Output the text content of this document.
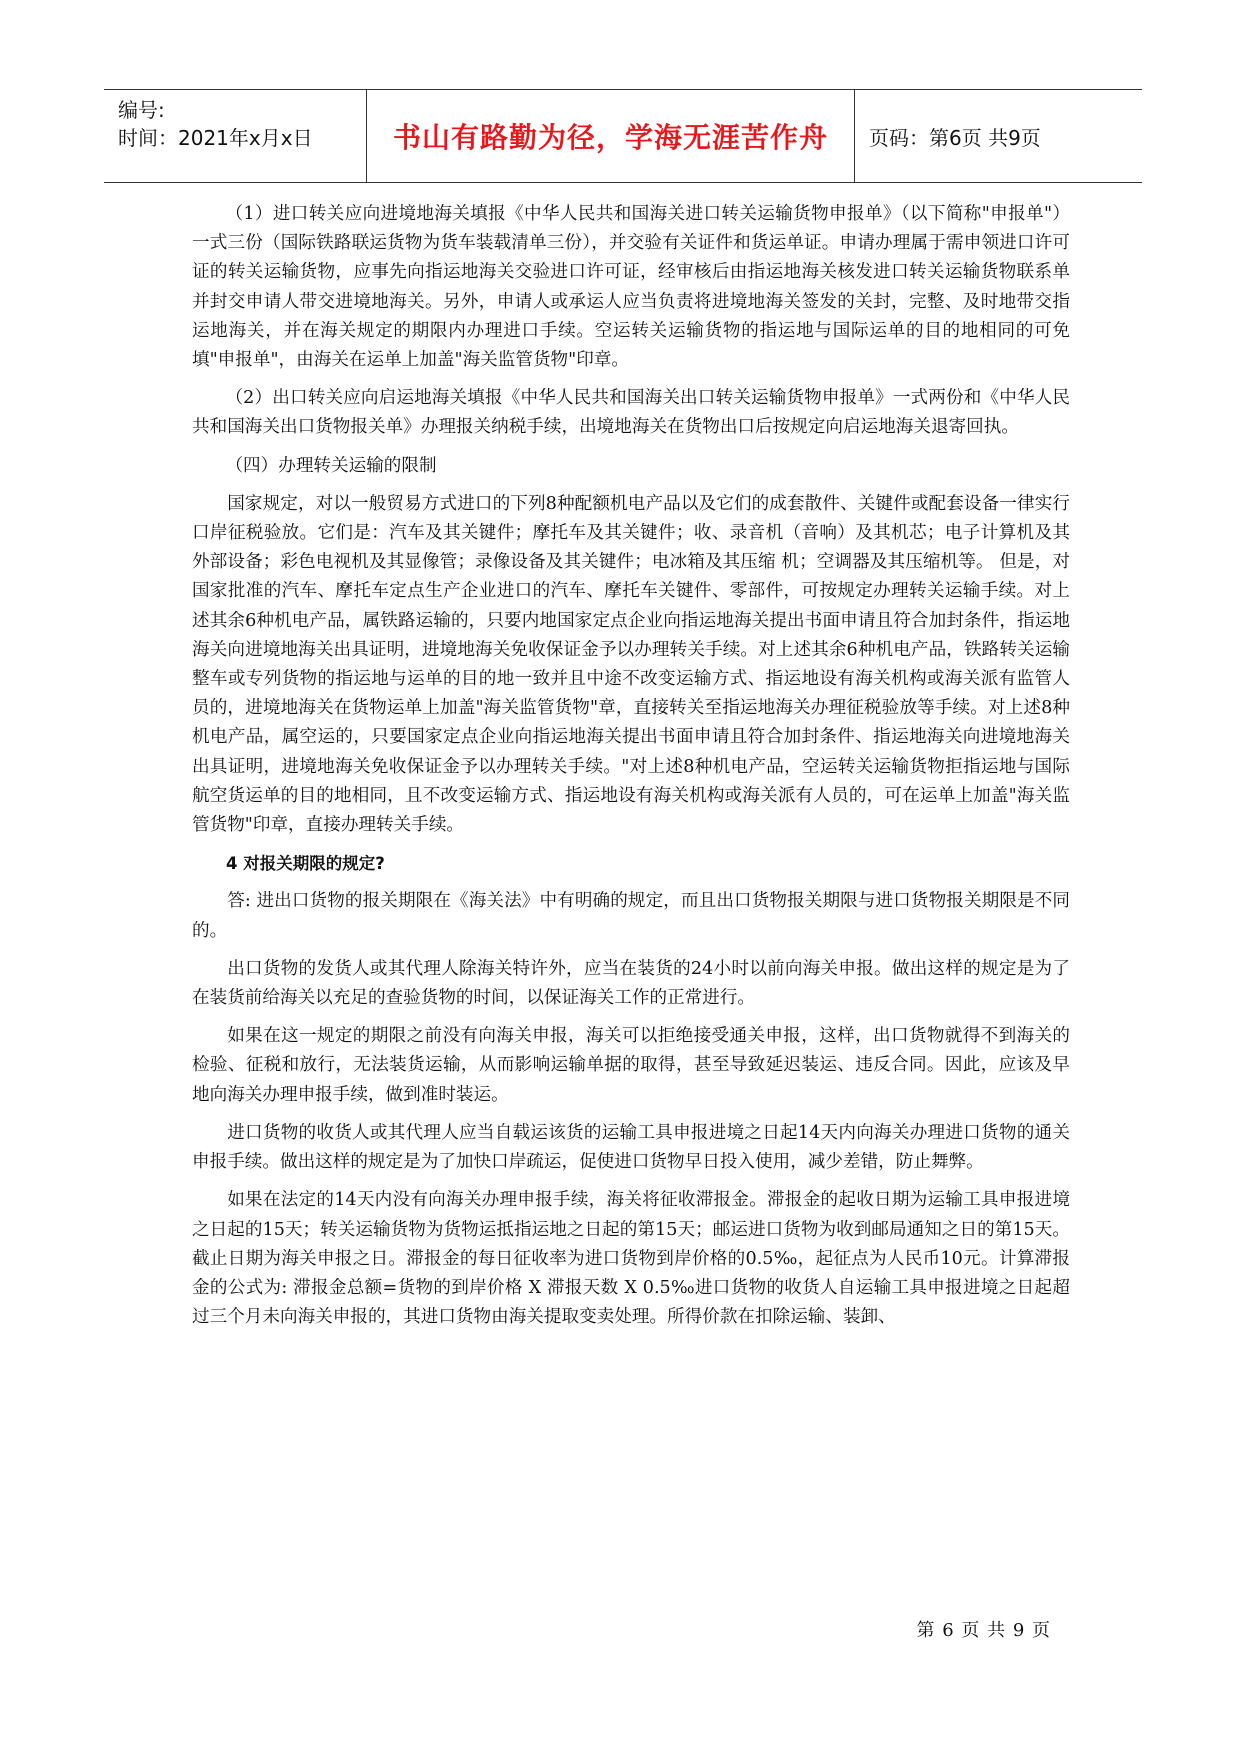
编号:
时间：2021年x月x日	书山有路勤为径，学海无涯苦作舟	页码：第6页 共9页

（1）进口转关应向进境地海关填报《中华人民共和国海关进口转关运输货物申报单》（以下简称"申报单"）一式三份（国际铁路联运货物为货车装载清单三份），并交验有关证件和货运单证。申请办理属于需申领进口许可证的转关运输货物，应事先向指运地海关交验进口许可证，经审核后由指运地海关核发进口转关运输货物联系单并封交申请人带交进境地海关。另外，申请人或承运人应当负责将进境地海关签发的关封，完整、及时地带交指运地海关，并在海关规定的期限内办理进口手续。空运转关运输货物的指运地与国际运单的目的地相同的可免填"申报单"，由海关在运单上加盖"海关监管货物"印章。

（2）出口转关应向启运地海关填报《中华人民共和国海关出口转关运输货物申报单》一式两份和《中华人民共和国海关出口货物报关单》办理报关纳税手续，出境地海关在货物出口后按规定向启运地海关退寄回执。

（四）办理转关运输的限制

国家规定，对以一般贸易方式进口的下列8种配额机电产品以及它们的成套散件、关键件或配套设备一律实行口岸征税验放。它们是：汽车及其关键件；摩托车及其关键件；收、录音机（音响）及其机芯；电子计算机及其外部设备；彩色电视机及其显像管；录像设备及其关键件；电冰箱及其压缩 机；空调器及其压缩机等。 但是，对国家批准的汽车、摩托车定点生产企业进口的汽车、摩托车关键件、零部件，可按规定办理转关运输手续。对上述其余6种机电产品，属铁路运输的，只要内地国家定点企业向指运地海关提出书面申请且符合加封条件，指运地海关向进境地海关出具证明，进境地海关免收保证金予以办理转关手续。对上述其余6种机电产品，铁路转关运输整车或专列货物的指运地与运单的目的地一致并且中途不改变运输方式、指运地设有海关机构或海关派有监管人员的，进境地海关在货物运单上加盖"海关监管货物"章，直接转关至指运地海关办理征税验放等手续。对上述8种机电产品，属空运的，只要国家定点企业向指运地海关提出书面申请且符合加封条件、指运地海关向进境地海关出具证明，进境地海关免收保证金予以办理转关手续。"对上述8种机电产品，空运转关运输货物拒指运地与国际航空货运单的目的地相同，且不改变运输方式、指运地设有海关机构或海关派有人员的，可在运单上加盖"海关监管货物"印章，直接办理转关手续。

4 对报关期限的规定?

答: 进出口货物的报关期限在《海关法》中有明确的规定，而且出口货物报关期限与进口货物报关期限是不同的。

出口货物的发货人或其代理人除海关特许外，应当在装货的24小时以前向海关申报。做出这样的规定是为了在装货前给海关以充足的查验货物的时间，以保证海关工作的正常进行。

如果在这一规定的期限之前没有向海关申报，海关可以拒绝接受通关申报，这样，出口货物就得不到海关的检验、征税和放行，无法装货运输，从而影响运输单据的取得，甚至导致延迟装运、违反合同。因此，应该及早地向海关办理申报手续，做到准时装运。

进口货物的收货人或其代理人应当自载运该货的运输工具申报进境之日起14天内向海关办理进口货物的通关申报手续。做出这样的规定是为了加快口岸疏运，促使进口货物早日投入使用，减少差错，防止舞弊。

如果在法定的14天内没有向海关办理申报手续，海关将征收滞报金。滞报金的起收日期为运输工具申报进境之日起的15天；转关运输货物为货物运抵指运地之日起的第15天；邮运进口货物为收到邮局通知之日的第15天。截止日期为海关申报之日。滞报金的每日征收率为进口货物到岸价格的0.5‰，起征点为人民币10元。计算滞报金的公式为: 滞报金总额=货物的到岸价格 X 滞报天数 X 0.5‰进口货物的收货人自运输工具申报进境之日起超过三个月未向海关申报的，其进口货物由海关提取变卖处理。所得价款在扣除运输、装卸、

第 6 页 共 9 页
